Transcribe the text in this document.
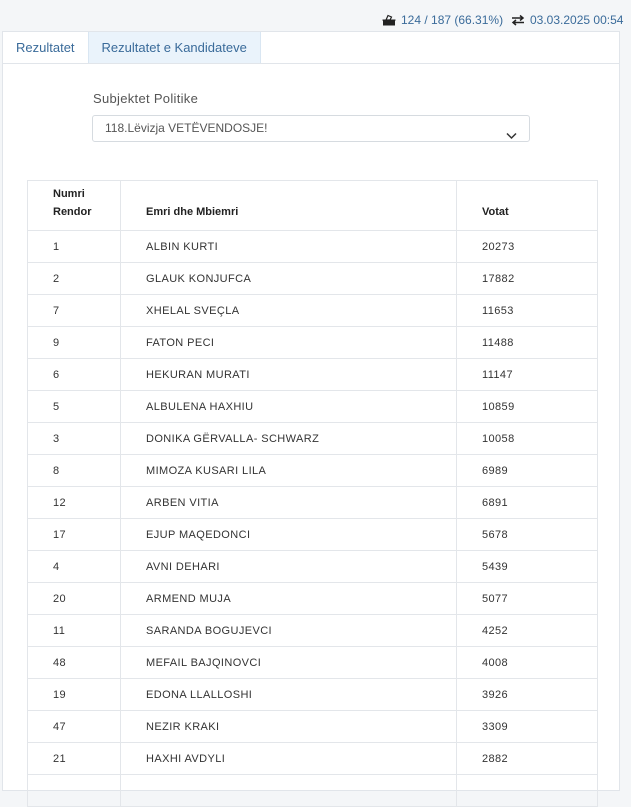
124 / 187 (66.31%) 03.03.2025 00:54
Rezultatet	Rezultatet e Kandidateve
Subjektet Politike
118.Lëvizja VETËVENDOSJE!
Numri
Rendor	Emri dhe Mbiemri	Votat
1	ALBIN KURTI	20273
2	GLAUK KONJUFCA	17882
7	XHELAL SVEÇLA	11653
9	FATON PECI	11488
6	HEKURAN MURATI	11147
5	ALBULENA HAXHIU	10859
3	DONIKA GËRVALLA- SCHWARZ	10058
8	MIMOZA KUSARI LILA	6989
12	ARBEN VITIA	6891
17	EJUP MAQEDONCI	5678
4	AVNI DEHARI	5439
20	ARMEND MUJA	5077
11	SARANDA BOGUJEVCI	4252
48	MEFAIL BAJQINOVCI	4008
19	EDONA LLALLOSHI	3926
47	NEZIR KRAKI	3309
21	HAXHI AVDYLI	2882
